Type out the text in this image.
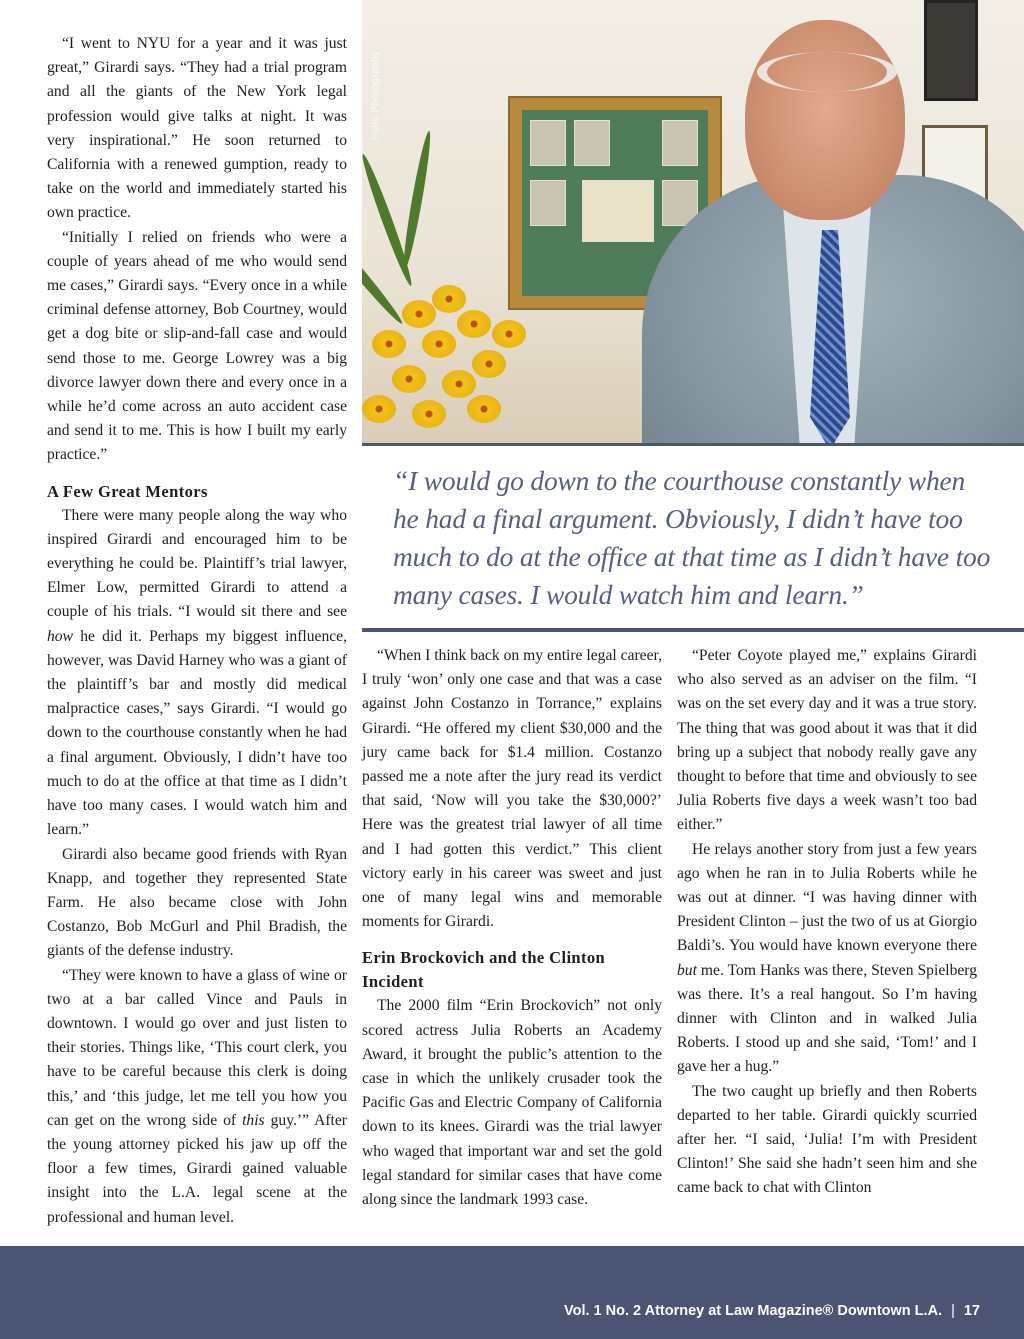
“I went to NYU for a year and it was just great,” Girardi says. “They had a trial program and all the giants of the New York legal profession would give talks at night. It was very inspirational.” He soon returned to California with a renewed gumption, ready to take on the world and immediately started his own practice.

“Initially I relied on friends who were a couple of years ahead of me who would send me cases,” Girardi says. “Every once in a while criminal defense attorney, Bob Courtney, would get a dog bite or slip-and-fall case and would send those to me. George Lowrey was a big divorce lawyer down there and every once in a while he’d come across an auto accident case and send it to me. This is how I built my early practice.”

A Few Great Mentors

There were many people along the way who inspired Girardi and encouraged him to be everything he could be. Plaintiff’s trial lawyer, Elmer Low, permitted Girardi to attend a couple of his trials. “I would sit there and see how he did it. Perhaps my biggest influence, however, was David Harney who was a giant of the plaintiff’s bar and mostly did medical malpractice cases,” says Girardi. “I would go down to the courthouse constantly when he had a final argument. Obviously, I didn’t have too much to do at the office at that time as I didn’t have too many cases. I would watch him and learn.”

Girardi also became good friends with Ryan Knapp, and together they represented State Farm. He also became close with John Costanzo, Bob McGurl and Phil Bradish, the giants of the defense industry.

“They were known to have a glass of wine or two at a bar called Vince and Pauls in downtown. I would go over and just listen to their stories. Things like, ‘This court clerk, you have to be careful because this clerk is doing this,’ and ‘this judge, let me tell you how you can get on the wrong side of this guy.’” After the young attorney picked his jaw up off the floor a few times, Girardi gained valuable insight into the L.A. legal scene at the professional and human level.

Fotis Photography

“I would go down to the courthouse constantly when he had a final argument. Obviously, I didn’t have too much to do at the office at that time as I didn’t have too many cases. I would watch him and learn.”

“When I think back on my entire legal career, I truly ‘won’ only one case and that was a case against John Costanzo in Torrance,” explains Girardi. “He offered my client $30,000 and the jury came back for $1.4 million. Costanzo passed me a note after the jury read its verdict that said, ‘Now will you take the $30,000?’ Here was the greatest trial lawyer of all time and I had gotten this verdict.” This client victory early in his career was sweet and just one of many legal wins and memorable moments for Girardi.

Erin Brockovich and the Clinton Incident

The 2000 film “Erin Brockovich” not only scored actress Julia Roberts an Academy Award, it brought the public’s attention to the case in which the unlikely crusader took the Pacific Gas and Electric Company of California down to its knees. Girardi was the trial lawyer who waged that important war and set the gold legal standard for similar cases that have come along since the landmark 1993 case.

“Peter Coyote played me,” explains Girardi who also served as an adviser on the film. “I was on the set every day and it was a true story. The thing that was good about it was that it did bring up a subject that nobody really gave any thought to before that time and obviously to see Julia Roberts five days a week wasn’t too bad either.”

He relays another story from just a few years ago when he ran in to Julia Roberts while he was out at dinner. “I was having dinner with President Clinton – just the two of us at Giorgio Baldi’s. You would have known everyone there but me. Tom Hanks was there, Steven Spielberg was there. It’s a real hangout. So I’m having dinner with Clinton and in walked Julia Roberts. I stood up and she said, ‘Tom!’ and I gave her a hug.”

The two caught up briefly and then Roberts departed to her table. Girardi quickly scurried after her. “I said, ‘Julia! I’m with President Clinton!’ She said she hadn’t seen him and she came back to chat with Clinton

Vol. 1 No. 2 Attorney at Law Magazine® Downtown L.A. | 17
